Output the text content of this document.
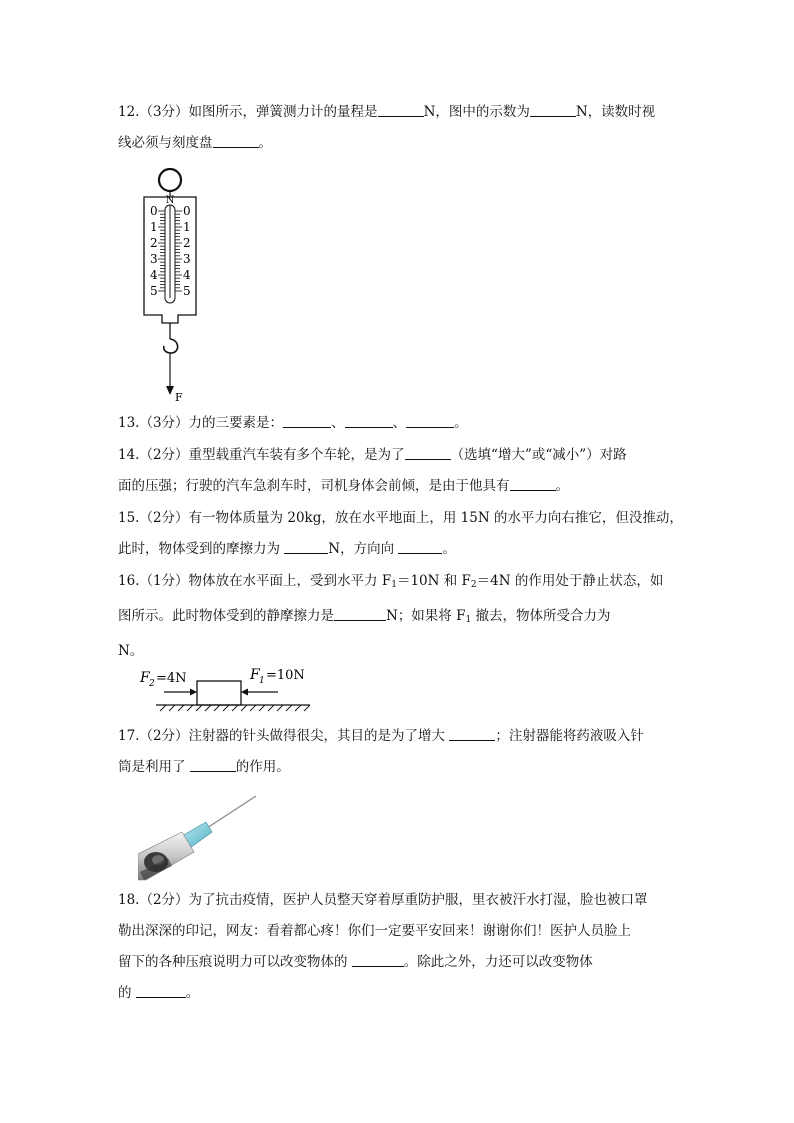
12.（3分）如图所示，弹簧测力计的量程是	N，图中的示数为	N，读数时视
线必须与刻度盘	。
N
0
1
2
3
4
5
0
1
2
3
4
5
F
13.（3分）力的三要素是：	、	、	。
14.（2分）重型载重汽车装有多个车轮，是为了	（选填“增大”或“减小”）对路
面的压强；行驶的汽车急刹车时，司机身体会前倾，是由于他具有	。
15.（2分）有一物体质量为 20kg，放在水平地面上，用 15N 的水平力向右推它，但没推动，
此时，物体受到的摩擦力为	N，方向向	。
16.（1分）物体放在水平面上，受到水平力 $F_1=10N$ 和 $F_2=4N$ 的作用处于静止状态，如
图所示。此时物体受到的静摩擦力是	N；如果将 $F_1$ 撤去，物体所受合力为
N。
F 2 =4N	F 1 =10N
17.（2分）注射器的针头做得很尖，其目的是为了增大	；注射器能将药液吸入针
筒是利用了	的作用。
18.（2分）为了抗击疫情，医护人员整天穿着厚重防护服，里衣被汗水打湿，脸也被口罩
勒出深深的印记，网友：看着都心疼！你们一定要平安回来！谢谢你们！医护人员脸上
留下的各种压痕说明力可以改变物体的	。除此之外，力还可以改变物体
的	。
